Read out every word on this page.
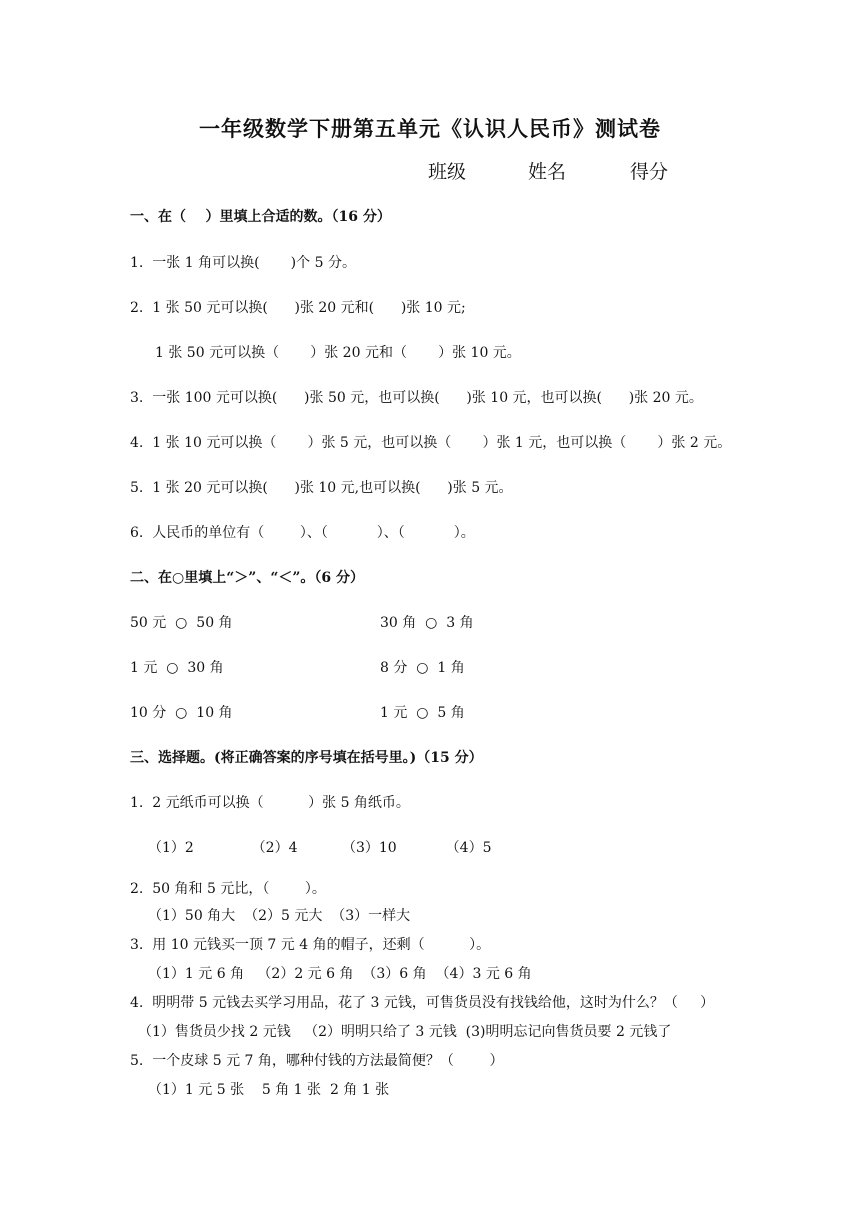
一年级数学下册第五单元《认识人民币》测试卷
班级	姓名	得分
一、在（    ）里填上合适的数。（16 分）
1.  一张 1 角可以换(       )个 5 分。
2.  1 张 50 元可以换(      )张 20 元和(      )张 10 元;
1 张 50 元可以换（       ）张 20 元和（       ）张 10 元。
3.  一张 100 元可以换(      )张 50 元，也可以换(      )张 10 元，也可以换(      )张 20 元。
4.  1 张 10 元可以换（       ）张 5 元，也可以换（       ）张 1 元，也可以换（       ）张 2 元。
5.  1 张 20 元可以换(      )张 10 元,也可以换(      )张 5 元。
6.  人民币的单位有（        ）、（           ）、（           ）。
二、在○里填上“＞”、“＜”。（6 分）
50 元  ○  50 角	30 角  ○  3 角
1 元  ○  30 角	8 分  ○  1 角
10 分  ○  10 角	1 元  ○  5 角
三、选择题。(将正确答案的序号填在括号里。)（15 分）
1.  2 元纸币可以换（          ）张 5 角纸币。
（1）2             （2）4          （3）10           （4）5
2.  50 角和 5 元比，（        ）。
（1）50 角大  （2）5 元大  （3）一样大
3.  用 10 元钱买一顶 7 元 4 角的帽子，还剩（          ）。
（1）1 元 6 角   （2）2 元 6 角  （3）6 角  （4）3 元 6 角
4.  明明带 5 元钱去买学习用品，花了 3 元钱，可售货员没有找钱给他，这时为什么？（     ）
（1）售货员少找 2 元钱   （2）明明只给了 3 元钱  (3)明明忘记向售货员要 2 元钱了
5.  一个皮球 5 元 7 角，哪种付钱的方法最简便？（        ）
（1）1 元 5 张    5 角 1 张  2 角 1 张
